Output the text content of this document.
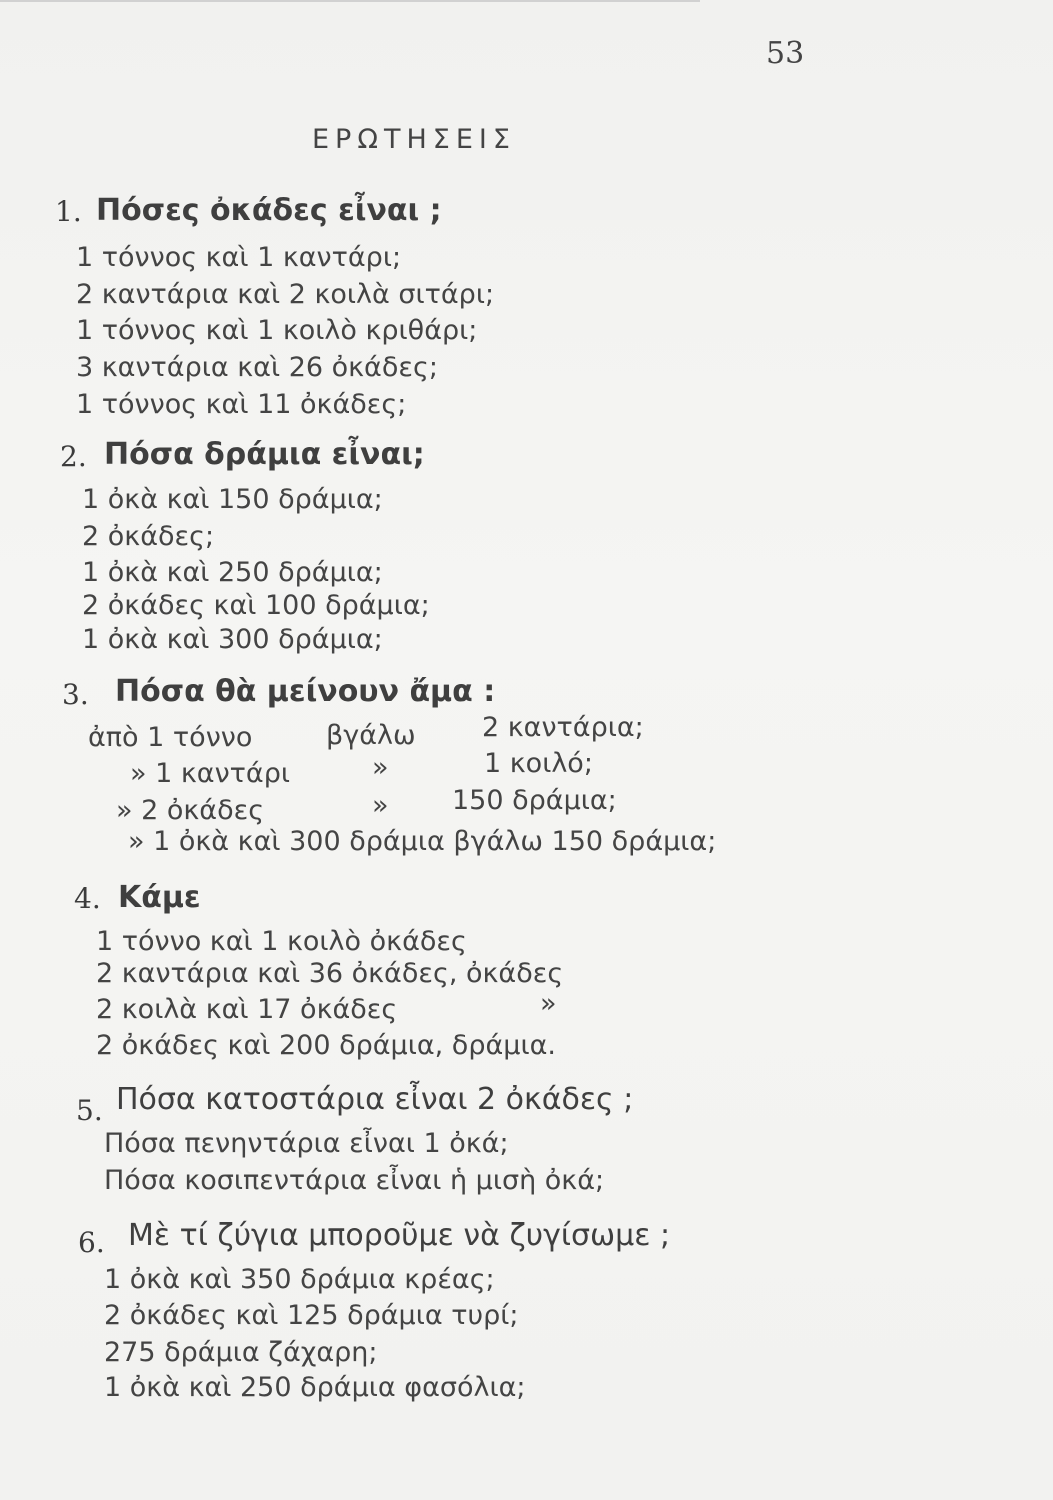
53
ΕΡΩΤΗΣΕΙΣ
1. Πόσες ὀκάδες εἶναι ;
1 τόννος καὶ 1 καντάρι;
2 καντάρια καὶ 2 κοιλὰ σιτάρι;
1 τόννος καὶ 1 κοιλὸ κριθάρι;
3 καντάρια καὶ 26 ὀκάδες;
1 τόννος καὶ 11 ὀκάδες;
2. Πόσα δράμια εἶναι;
1 ὀκὰ καὶ 150 δράμια;
2 ὀκάδες;
1 ὀκὰ καὶ 250 δράμια;
2 ὀκάδες καὶ 100 δράμια;
1 ὀκὰ καὶ 300 δράμια;
3. Πόσα θὰ μείνουν ἄμα :
ἀπὸ 1 τόννο	βγάλω 2 καντάρια;
» 1 καντάρι	»	1 κοιλό;
» 2 ὀκάδες	» 150 δράμια;
» 1 ὀκὰ καὶ 300 δράμια βγάλω 150 δράμια;
4. Κάμε
1 τόννο καὶ 1 κοιλὸ ὀκάδες
2 καντάρια καὶ 36 ὀκάδες, ὀκάδες
2 κοιλὰ καὶ 17 ὀκάδες	»
2 ὀκάδες καὶ 200 δράμια, δράμια.
5. Πόσα κατοστάρια εἶναι 2 ὀκάδες ;
Πόσα πενηντάρια εἶναι 1 ὀκά;
Πόσα κοσιπεντάρια εἶναι ἡ μισὴ ὀκά;
6. Μὲ τί ζύγια μποροῦμε νὰ ζυγίσωμε ;
1 ὀκὰ καὶ 350 δράμια κρέας;
2 ὀκάδες καὶ 125 δράμια τυρί;
275 δράμια ζάχαρη;
1 ὀκὰ καὶ 250 δράμια φασόλια;
